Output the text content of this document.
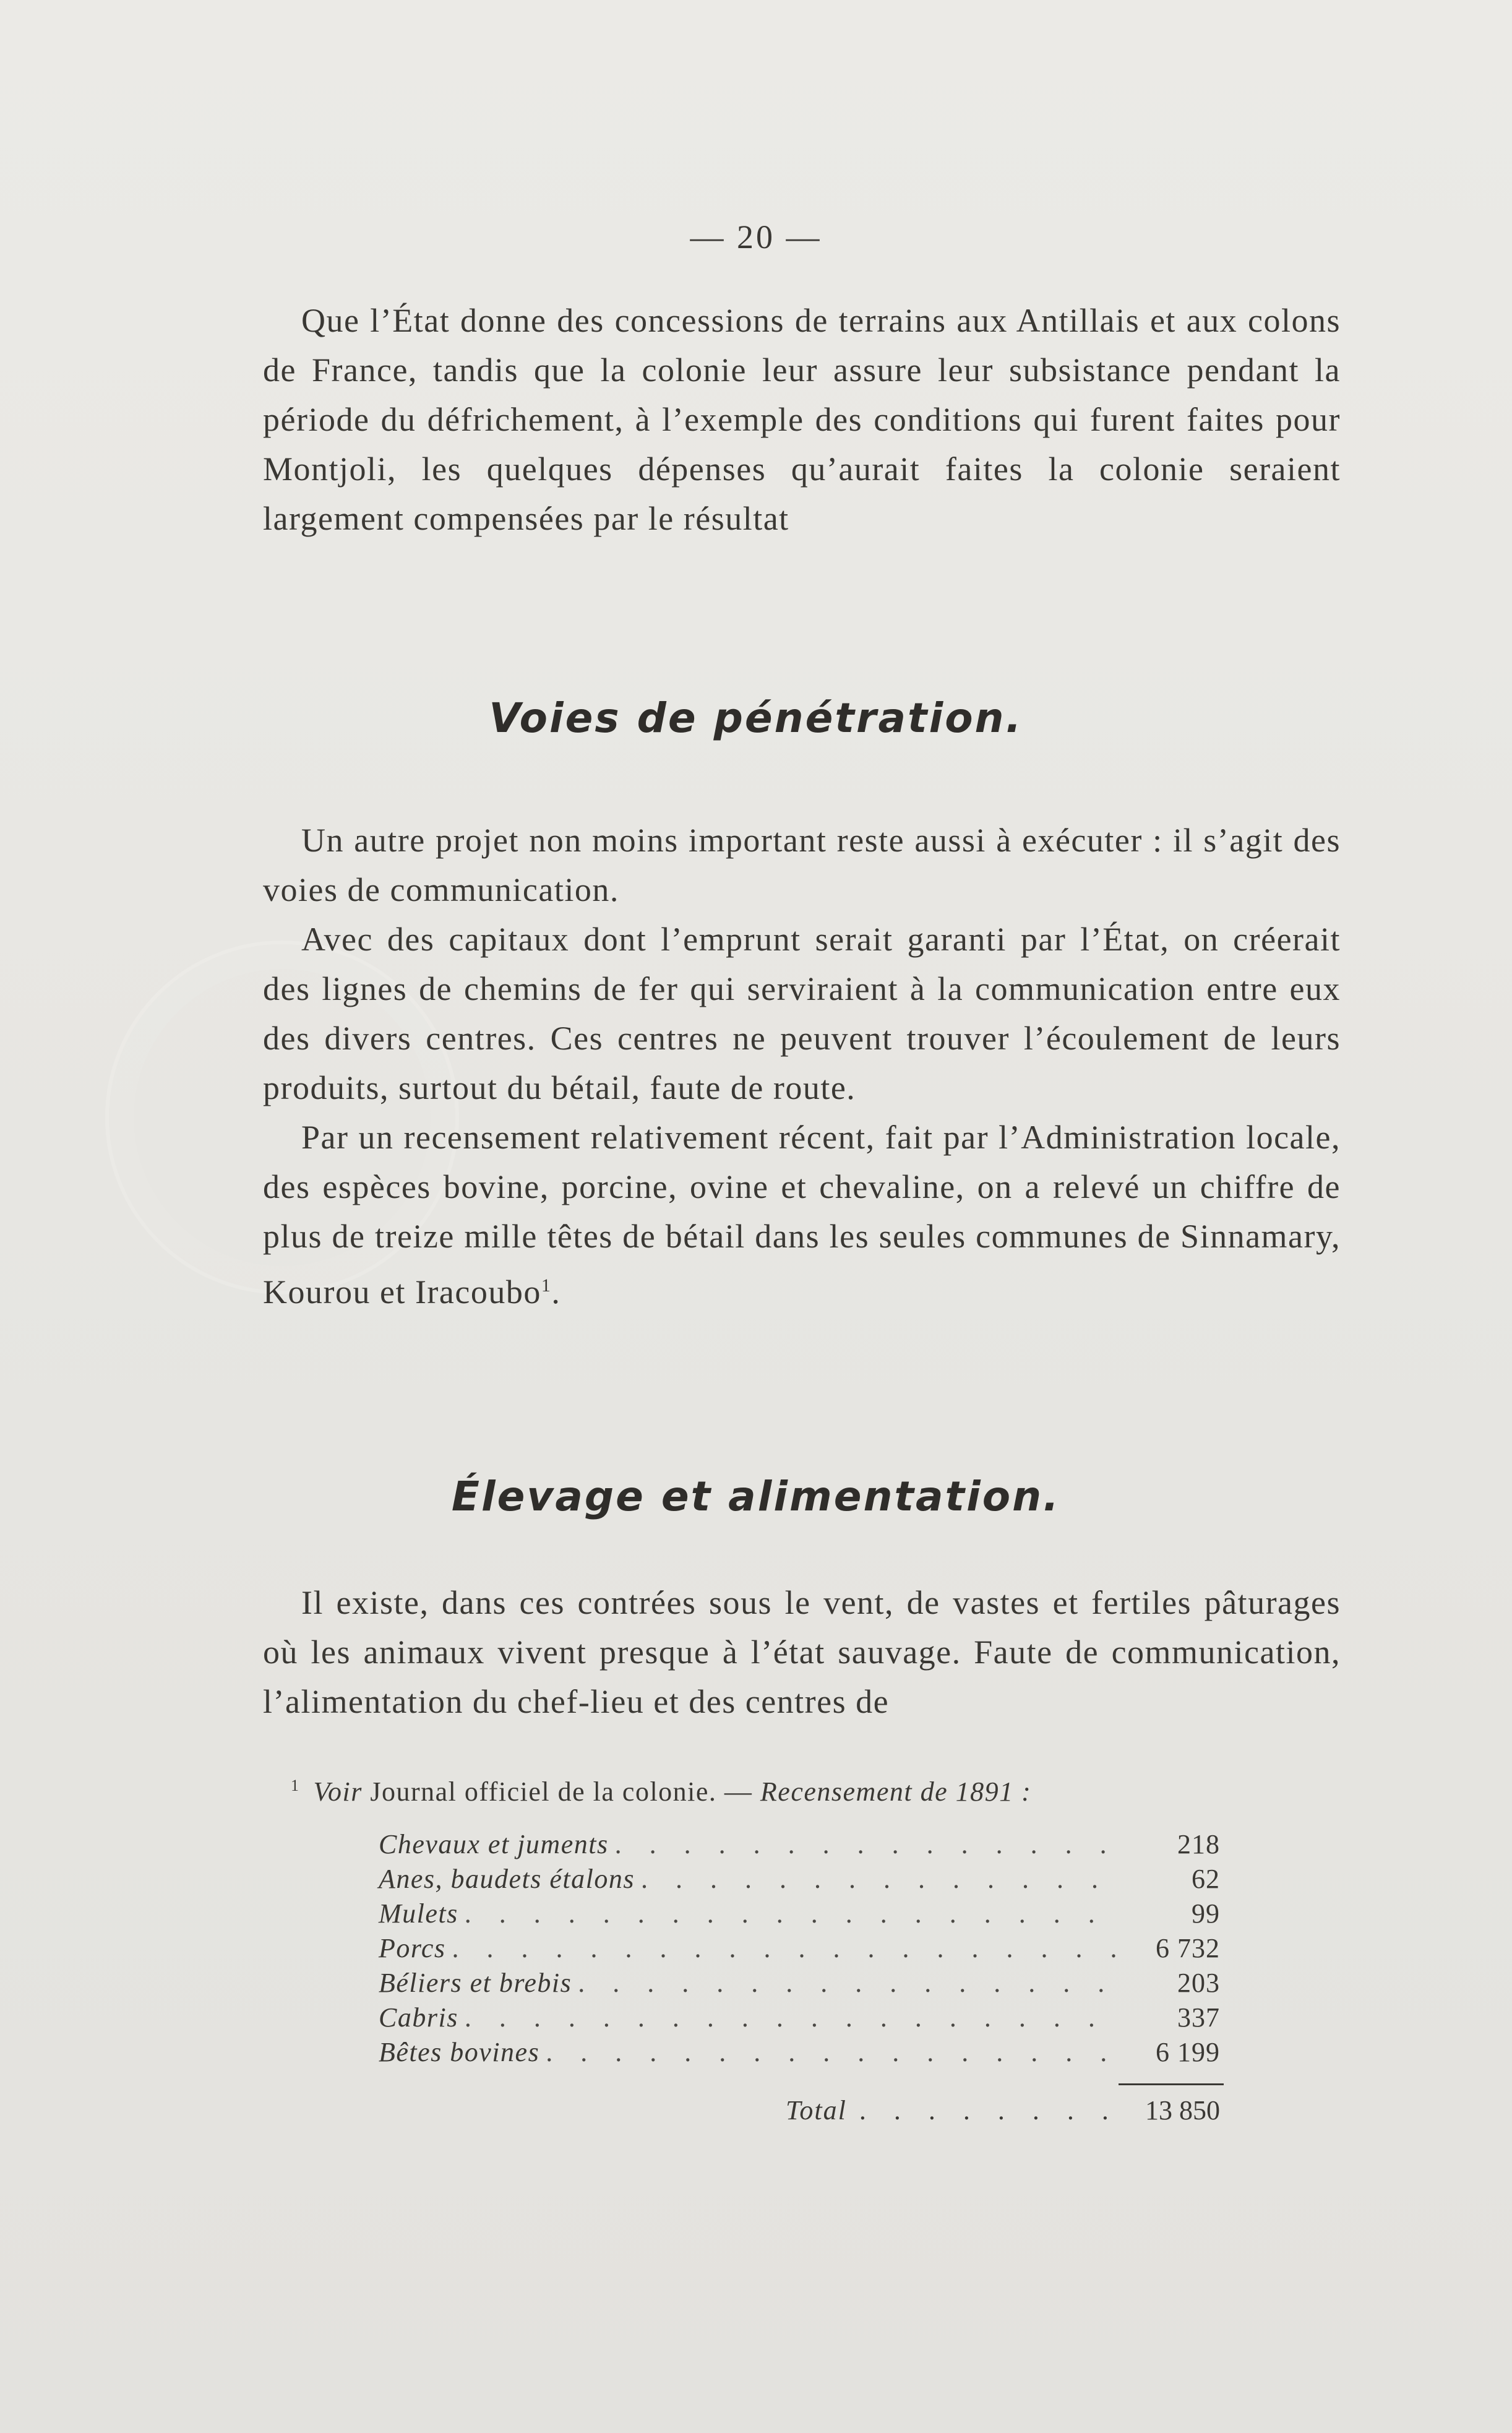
— 20 —

Que l’État donne des concessions de terrains aux Antillais et aux colons de France, tandis que la colonie leur assure leur subsistance pendant la période du défrichement, à l’exemple des conditions qui furent faites pour Montjoli, les quelques dépenses qu’aurait faites la colonie seraient largement compensées par le résultat

Voies de pénétration.

Un autre projet non moins important reste aussi à exécuter : il s’agit des voies de communication.

Avec des capitaux dont l’emprunt serait garanti par l’État, on créerait des lignes de chemins de fer qui serviraient à la communication entre eux des divers centres. Ces centres ne peuvent trouver l’écoulement de leurs produits, surtout du bétail, faute de route.

Par un recensement relativement récent, fait par l’Administration locale, des espèces bovine, porcine, ovine et chevaline, on a relevé un chiffre de plus de treize mille têtes de bétail dans les seules communes de Sinnamary, Kourou et Iracoubo$^1$.

Élevage et alimentation.

Il existe, dans ces contrées sous le vent, de vastes et fertiles pâturages où les animaux vivent presque à l’état sauvage. Faute de communication, l’alimentation du chef-lieu et des centres de

$^1$ Voir Journal officiel de la colonie. — Recensement de 1891 :
Chevaux et juments . . .	218
Anes, baudets étalons . . .	62
Mulets . . .	99
Porcs . . .	6 732
Béliers et brebis . . .	203
Cabris . . .	337
Bêtes bovines . . .	6 199
Total . . .	13 850
